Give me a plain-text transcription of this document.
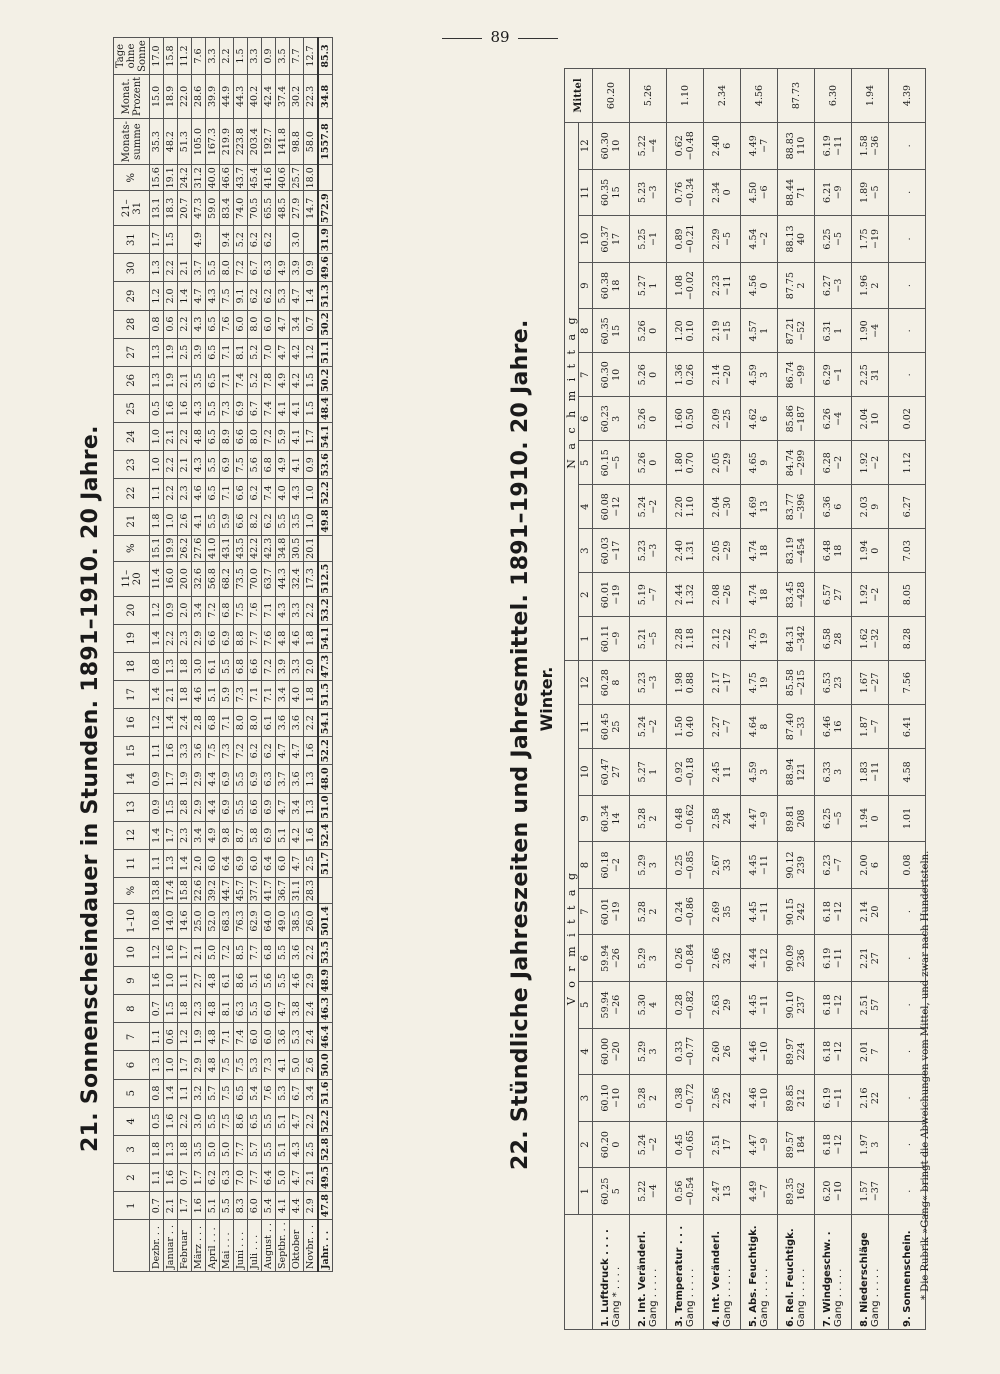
89
21. Sonnenscheindauer in Stunden. 1891–1910. 20 Jahre.
	1	2	3	4	5	6	7	8	9	10	1–10	%	11	12	13	14	15	16	17	18	19	20	11–20	%	21	22	23	24	25	26	27	28	29	30	31	21–31	%	Monats-summe	Monat. Prozent	Tage ohne Sonne
Dezbr. . .	0.7	1.1	1.8	0.5	0.8	1.3	1.1	0.7	1.6	1.2	10.8	13.8	1.1	1.4	0.9	0.9	1.1	1.2	1.4	0.8	1.4	1.2	11.4	15.1	1.8	1.1	1.0	1.0	0.5	1.3	1.3	0.8	1.2	1.3	1.7	13.1	15.6	35.3	15.0	17.0
Januar . .	2.1	1.6	1.3	1.6	1.4	1.0	0.6	1.5	1.0	1.6	14.0	17.4	1.3	1.7	1.5	1.7	1.6	1.4	2.1	1.3	2.2	0.9	16.0	19.9	1.0	2.2	2.2	2.1	1.6	1.9	1.9	0.6	2.0	2.2	1.5	18.3	19.1	48.2	18.9	15.8
Februar	1.7	0.7	1.8	2.2	1.1	1.7	1.2	1.8	1.1	1.7	14.6	15.8	1.4	2.3	2.8	1.9	3.3	2.4	1.8	1.8	2.3	2.0	20.0	26.2	2.6	2.3	2.1	2.2	1.6	2.1	2.5	2.2	1.4	2.1		20.7	24.2	51.3	22.0	11.2
März . . .	1.6	1.7	3.5	3.0	3.2	2.9	1.9	2.3	2.7	2.1	25.0	22.6	2.0	3.4	2.9	2.9	3.6	2.8	4.6	3.0	2.9	3.4	32.6	27.6	4.1	4.6	4.3	4.8	4.3	3.5	3.9	4.3	4.7	3.7	4.9	47.3	31.2	105.0	28.6	7.6
April . . .	5.1	6.2	5.0	5.5	5.7	4.8	4.8	4.8	4.8	5.0	52.0	39.2	6.0	4.9	4.4	4.4	7.5	6.8	5.1	6.1	6.6	7.2	56.8	41.0	5.5	6.5	5.5	6.5	5.5	6.5	6.5	6.5	4.3	5.5		59.0	40.0	167.3	39.9	3.3
Mai . . .	5.5	6.3	5.0	7.5	7.5	7.5	7.1	8.1	6.1	7.2	68.3	44.7	6.4	9.8	6.9	6.9	7.3	7.1	5.9	5.5	6.9	6.8	68.2	43.1	5.9	7.1	6.9	8.9	7.3	7.1	7.1	7.6	7.5	8.0	9.4	83.4	46.6	219.9	44.9	2.2
Juni . . .	8.3	7.0	7.7	8.6	6.5	7.5	7.4	6.3	8.6	8.5	76.3	45.7	6.9	8.7	5.5	5.5	7.2	8.0	7.3	6.8	8.8	7.5	73.5	43.5	6.6	6.6	7.5	6.6	6.9	7.4	8.1	6.0	9.1	7.2	5.2	74.0	43.7	223.8	44.3	1.5
Juli . . .	6.0	7.7	5.7	6.5	5.4	5.3	6.0	5.5	5.1	7.7	62.9	37.7	6.0	5.8	6.6	6.9	6.2	8.0	7.1	6.6	7.7	7.6	70.0	42.2	8.2	6.2	5.6	8.0	6.7	5.2	5.2	8.0	6.2	6.7	6.2	70.5	45.4	203.4	40.2	3.3
August . .	5.4	6.4	5.5	5.5	7.6	7.3	6.0	6.0	5.6	6.8	64.0	41.7	6.4	6.9	6.9	6.3	6.2	6.1	7.1	7.2	7.6	7.1	63.7	42.3	6.2	7.4	6.8	7.2	7.4	7.8	7.0	6.0	6.2	6.3	6.2	65.5	41.6	192.7	42.4	0.9
Septbr. . .	4.1	5.0	5.1	5.1	5.3	4.1	3.6	4.7	5.5	5.5	49.0	36.7	6.0	5.1	4.7	3.7	4.7	3.6	3.4	3.9	4.8	4.3	44.3	34.8	5.5	4.0	4.9	5.9	4.1	4.9	4.7	4.7	5.3	4.9		48.5	40.6	141.8	37.4	3.5
Oktober	4.4	4.7	4.3	4.7	6.7	5.0	5.3	3.8	4.6	3.6	38.5	31.1	4.7	4.2	3.4	3.6	4.7	3.6	4.0	3.3	4.6	3.3	32.4	30.5	3.5	4.3	4.1	4.1	4.1	4.2	4.2	3.4	4.7	3.9	3.0	27.9	25.7	98.8	30.2	7.7
Novbr. . .	2.9	2.1	2.5	2.2	3.4	2.6	2.4	2.4	2.9	2.2	26.0	28.3	2.5	1.6	1.3	1.3	1.6	2.2	1.8	2.0	1.8	2.2	17.3	20.1	1.0	1.0	0.9	1.7	1.5	1.5	1.2	0.7	1.4	0.9		14.7	18.0	58.0	22.3	12.7
Jahr. . .	47.8	49.5	52.8	52.2	51.6	50.0	46.4	46.3	48.9	53.5	501.4		51.7	52.4	51.0	48.0	52.2	54.1	51.5	47.3	54.1	53.2	512.5		49.8	52.2	53.6	54.1	48.4	50.2	51.1	50.2	51.3	49.6	31.9	572.9		1557.8	34.8	85.3
22. Stündliche Jahreszeiten und Jahresmittel. 1891–1910. 20 Jahre. Winter.
	V o r m i t t a g												N a c h m i t t a g												Mittel
	1	2	3	4	5	6	7	8	9	10	11	12	1	2	3	4	5	6	7	8	9	10	11	12	
1. Luftdruck . . . . Gang * . . . .	60.25 5	60.20 0	60.10 −10	60.00 −20	59.94 −26	59.94 −26	60.01 −19	60.18 −2	60.34 14	60.47 27	60.45 25	60.28 8	60.11 −9	60.01 −19	60.03 −17	60.08 −12	60.15 −5	60.23 3	60.30 10	60.35 15	60.38 18	60.37 17	60.35 15	60.30 10	60.20
2. Int. Veränderl. Gang . . . . .	5.22 −4	5.24 −2	5.28 2	5.29 3	5.30 4	5.29 3	5.28 2	5.29 3	5.28 2	5.27 1	5.24 −2	5.23 −3	5.21 −5	5.19 −7	5.23 −3	5.24 −2	5.26 0	5.26 0	5.26 0	5.26 0	5.27 1	5.25 −1	5.23 −3	5.22 −4	5.26
3. Temperatur . . . Gang . . . . .	0.56 −0.54	0.45 −0.65	0.38 −0.72	0.33 −0.77	0.28 −0.82	0.26 −0.84	0.24 −0.86	0.25 −0.85	0.48 −0.62	0.92 −0.18	1.50 0.40	1.98 0.88	2.28 1.18	2.44 1.32	2.40 1.31	2.20 1.10	1.80 0.70	1.60 0.50	1.36 0.26	1.20 0.10	1.08 −0.02	0.89 −0.21	0.76 −0.34	0.62 −0.48	1.10
4. Int. Veränderl. Gang . . . . .	2.47 13	2.51 17	2.56 22	2.60 26	2.63 29	2.66 32	2.69 35	2.67 33	2.58 24	2.45 11	2.27 −7	2.17 −17	2.12 −22	2.08 −26	2.05 −29	2.04 −30	2.05 −29	2.09 −25	2.14 −20	2.19 −15	2.23 −11	2.29 −5	2.34 0	2.40 6	2.34
5. Abs. Feuchtigk. Gang . . . . .	4.49 −7	4.47 −9	4.46 −10	4.46 −10	4.45 −11	4.44 −12	4.45 −11	4.45 −11	4.47 −9	4.59 3	4.64 8	4.75 19	4.75 19	4.74 18	4.74 18	4.69 13	4.65 9	4.62 6	4.59 3	4.57 1	4.56 0	4.54 −2	4.50 −6	4.49 −7	4.56
6. Rel. Feuchtigk. Gang . . . . .	89.35 162	89.57 184	89.85 212	89.97 224	90.10 237	90.09 236	90.15 242	90.12 239	89.81 208	88.94 121	87.40 −33	85.58 −215	84.31 −342	83.45 −428	83.19 −454	83.77 −396	84.74 −299	85.86 −187	86.74 −99	87.21 −52	87.75 2	88.13 40	88.44 71	88.83 110	87.73
7. Windgeschw. . Gang . . . . .	6.20 −10	6.18 −12	6.19 −11	6.18 −12	6.18 −12	6.19 −11	6.18 −12	6.23 −7	6.25 −5	6.33 3	6.46 16	6.53 23	6.58 28	6.57 27	6.48 18	6.36 6	6.28 −2	6.26 −4	6.29 −1	6.31 1	6.27 −3	6.25 −5	6.21 −9	6.19 −11	6.30
8. Niederschläge Gang . . . . .	1.57 −37	1.97 3	2.16 22	2.01 7	2.51 57	2.21 27	2.14 20	2.00 6	1.94 0	1.83 −11	1.87 −7	1.67 −27	1.62 −32	1.92 −2	1.94 0	2.03 9	1.92 −2	2.04 10	2.25 31	1.90 −4	1.96 2	1.75 −19	1.89 −5	1.58 −36	1.94
9. Sonnenschein.	.	.	.	.	.	.	.	0.08	1.01	4.58	6.41	7.56	8.28	8.05	7.03	6.27	1.12	0.02	.	.	.	.	.	.	4.39
* Die Rubrik »Gang« bringt die Abweichungen vom Mittel, und zwar nach Hundertsteln.
